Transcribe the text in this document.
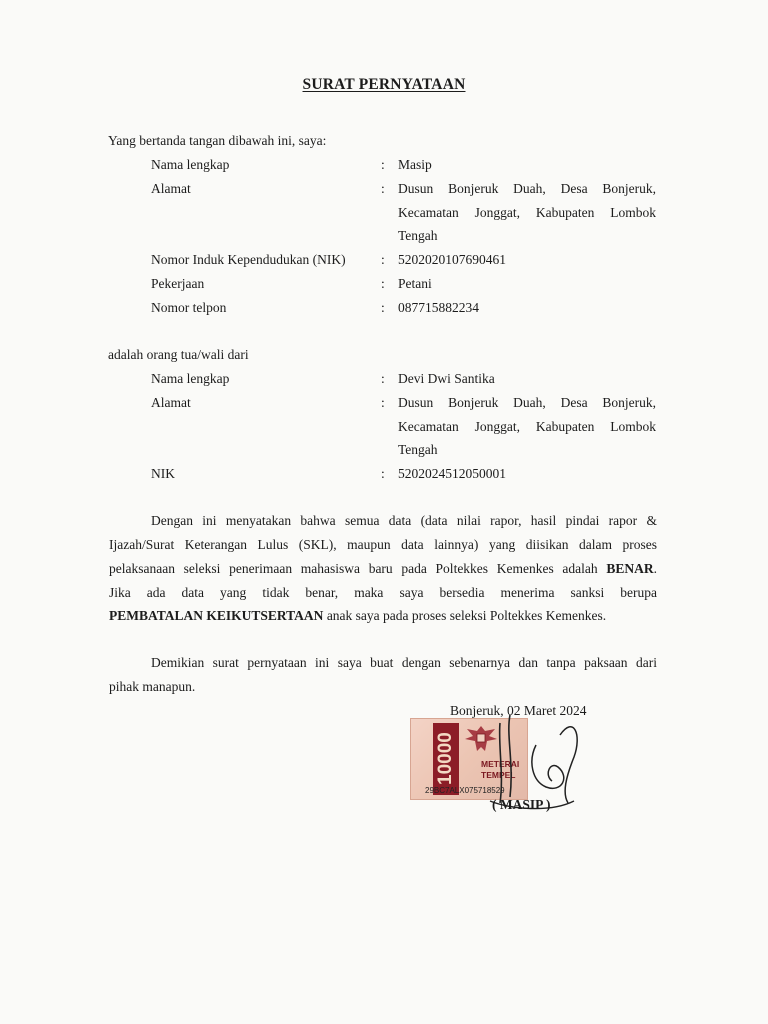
SURAT PERNYATAAN
Yang bertanda tangan dibawah ini, saya:
Nama lengkap	: Masip
Alamat	: Dusun Bonjeruk Duah, Desa Bonjeruk,
Kecamatan Jonggat, Kabupaten Lombok
Tengah
Nomor Induk Kependudukan (NIK)	: 5202020107690461
Pekerjaan	: Petani
Nomor telpon	: 087715882234
adalah orang tua/wali dari
Nama lengkap	: Devi Dwi Santika
Alamat	: Dusun Bonjeruk Duah, Desa Bonjeruk,
Kecamatan Jonggat, Kabupaten Lombok
Tengah
NIK	: 5202024512050001
Dengan ini menyatakan bahwa semua data (data nilai rapor, hasil pindai rapor &
Ijazah/Surat Keterangan Lulus (SKL), maupun data lainnya) yang diisikan dalam proses
pelaksanaan seleksi penerimaan mahasiswa baru pada Poltekkes Kemenkes adalah BENAR.
Jika ada data yang tidak benar, maka saya bersedia menerima sanksi berupa
PEMBATALAN KEIKUTSERTAAN anak saya pada proses seleksi Poltekkes Kemenkes.
Demikian surat pernyataan ini saya buat dengan sebenarnya dan tanpa paksaan dari
pihak manapun.
Bonjeruk, 02 Maret 2024
10000	METERAI
TEMPEL
29BC7ALX075718529
( MASIP )
